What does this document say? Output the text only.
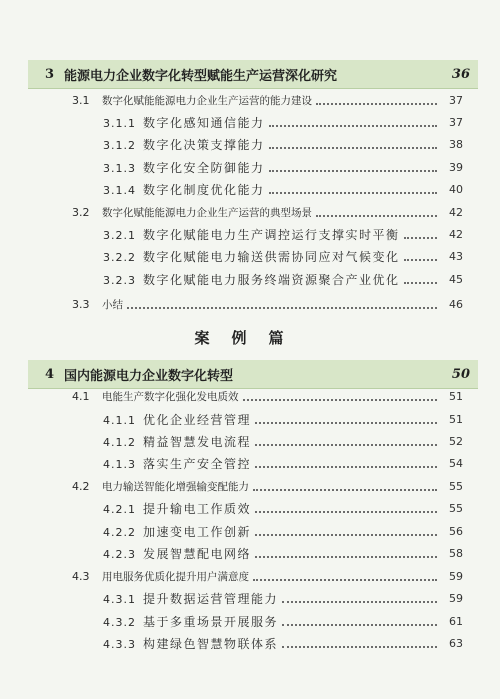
3 能源电力企业数字化转型赋能生产运营深化研究	36
3.1 数字化赋能能源电力企业生产运营的能力建设	37
3.1.1 数字化感知通信能力	37
3.1.2 数字化决策支撑能力	38
3.1.3 数字化安全防御能力	39
3.1.4 数字化制度优化能力	40
3.2 数字化赋能能源电力企业生产运营的典型场景	42
3.2.1 数字化赋能电力生产调控运行支撑实时平衡	42
3.2.2 数字化赋能电力输送供需协同应对气候变化	43
3.2.3 数字化赋能电力服务终端资源聚合产业优化	45
3.3 小结	46
案例篇
4 国内能源电力企业数字化转型	50
4.1 电能生产数字化强化发电质效	51
4.1.1 优化企业经营管理	51
4.1.2 精益智慧发电流程	52
4.1.3 落实生产安全管控	54
4.2 电力输送智能化增强输变配能力	55
4.2.1 提升输电工作质效	55
4.2.2 加速变电工作创新	56
4.2.3 发展智慧配电网络	58
4.3 用电服务优质化提升用户满意度	59
4.3.1 提升数据运营管理能力	59
4.3.2 基于多重场景开展服务	61
4.3.3 构建绿色智慧物联体系	63
